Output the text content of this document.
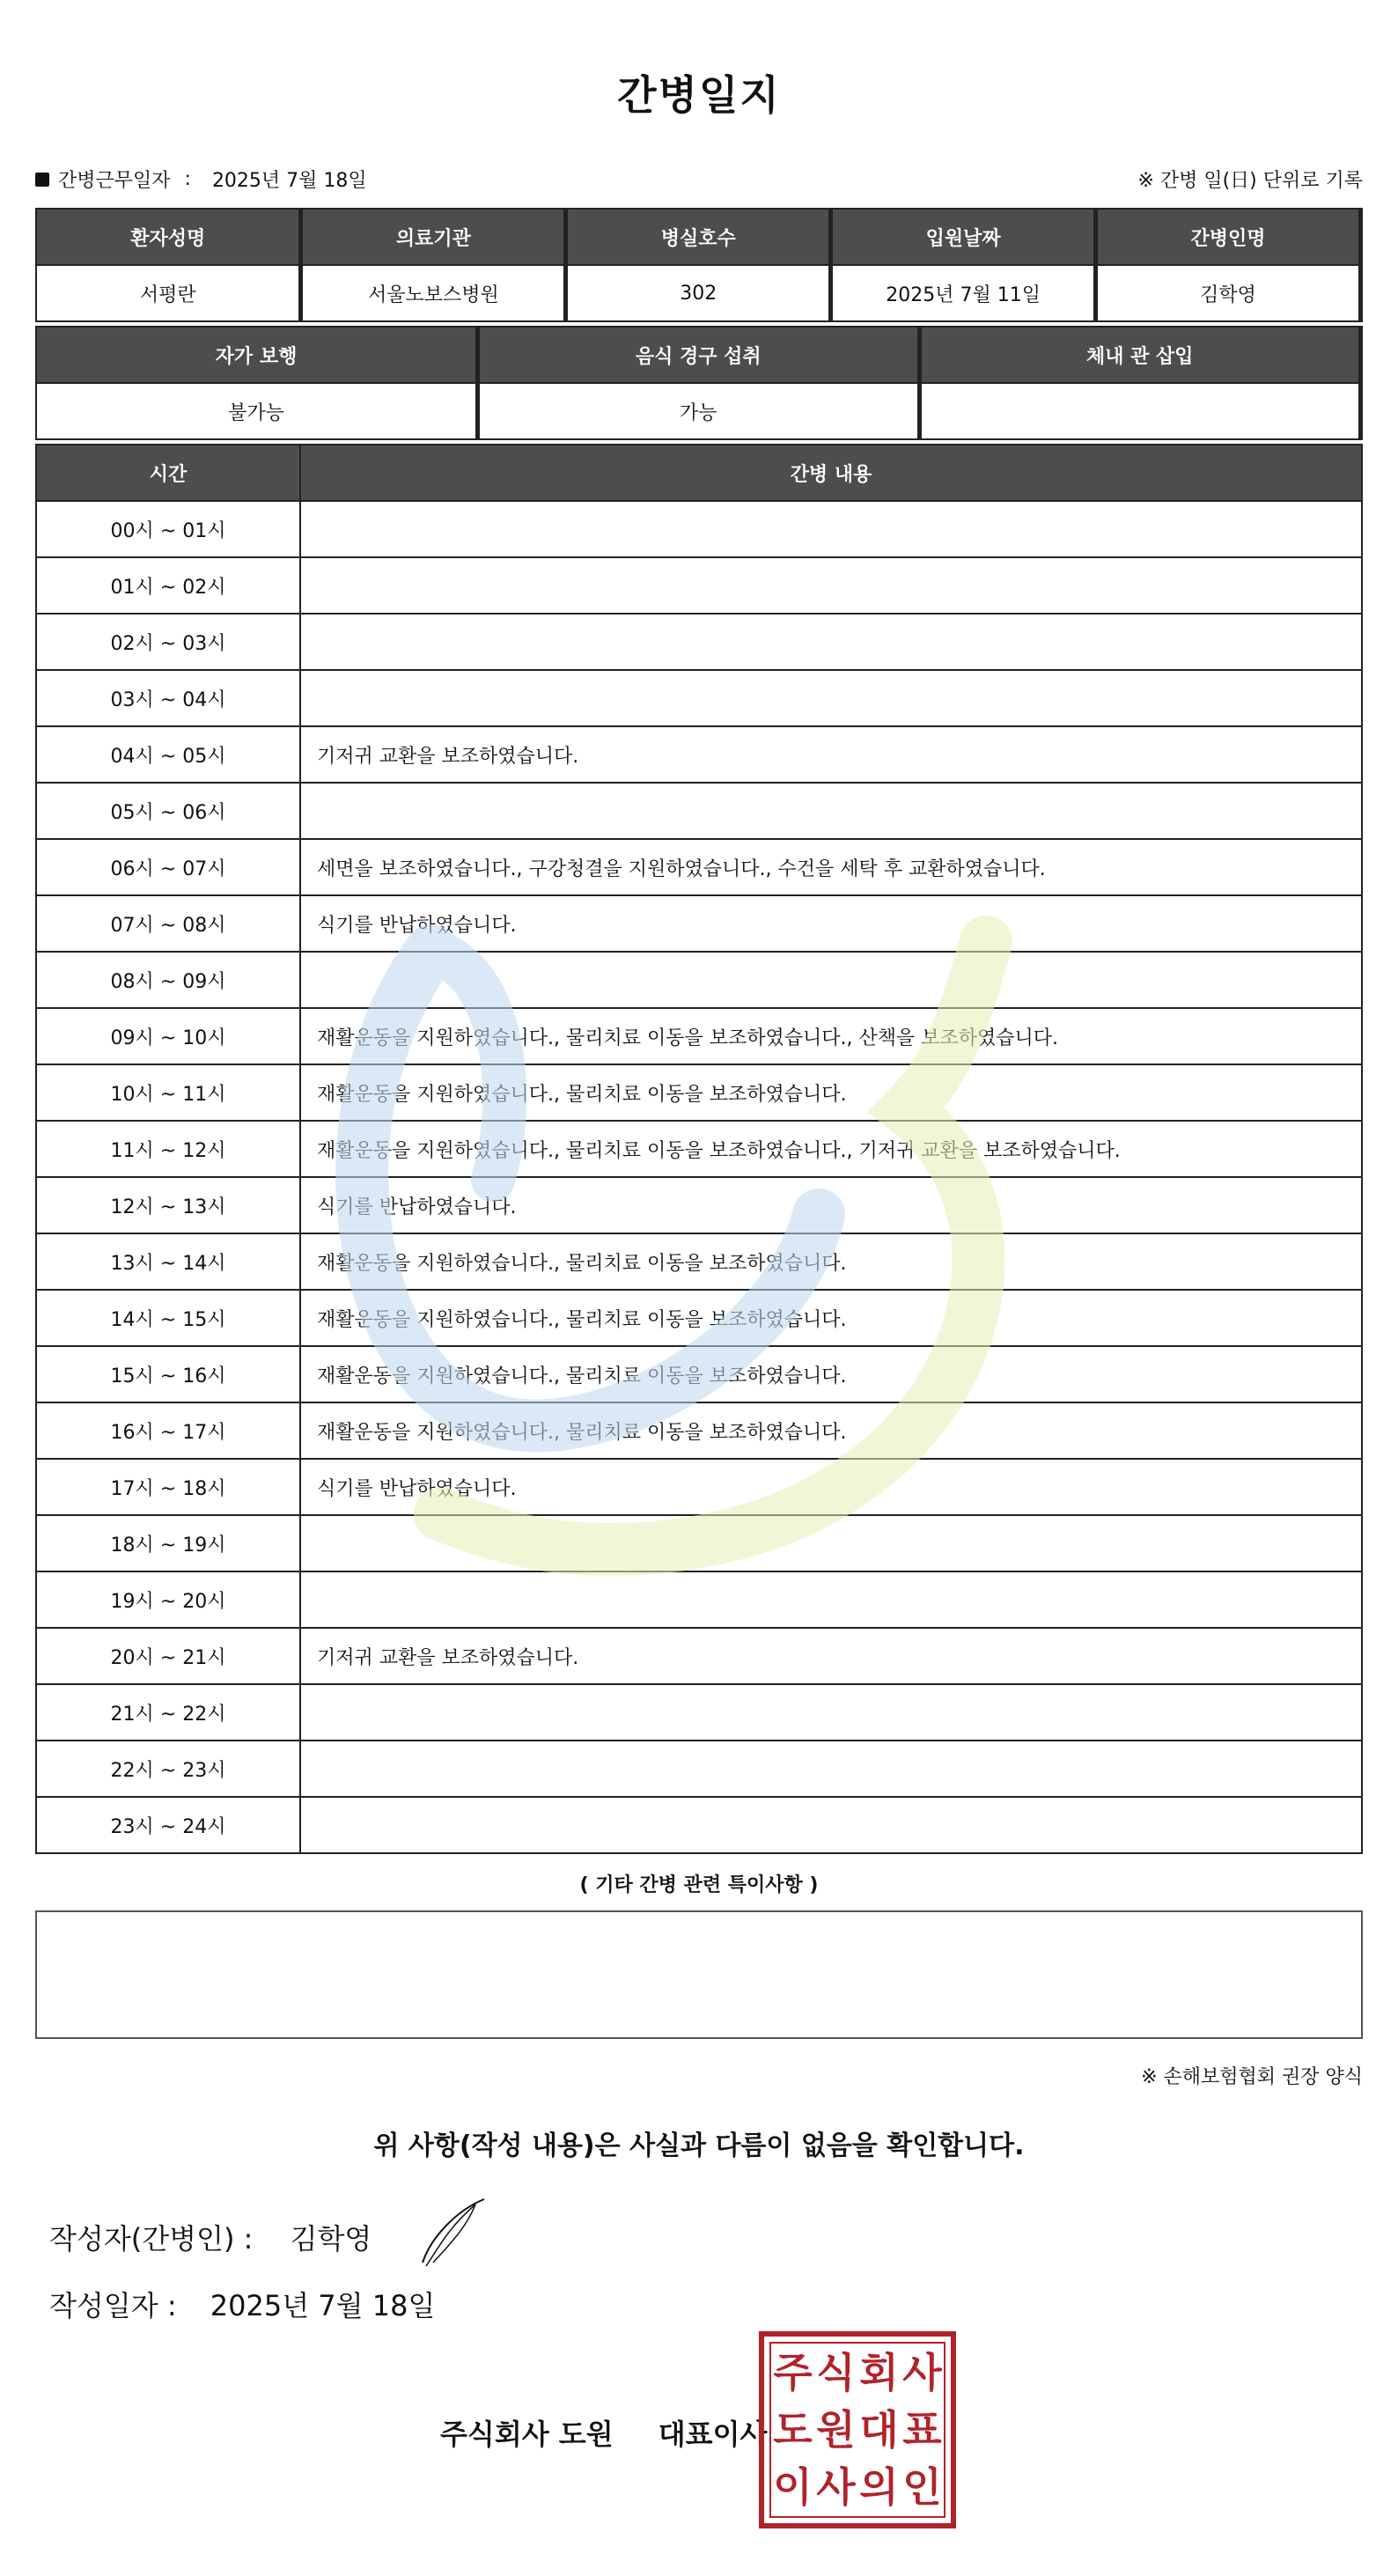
간병일지
간병근무일자 : 2025년 7월 18일	※ 간병 일(日) 단위로 기록
환자성명	의료기관	병실호수	입원날짜	간병인명
서평란	서울노보스병원	302	2025년 7월 11일	김학영
자가 보행	음식 경구 섭취	체내 관 삽입
불가능	가능	
시간	간병 내용
00시 ~ 01시	
01시 ~ 02시	
02시 ~ 03시	
03시 ~ 04시	
04시 ~ 05시	기저귀 교환을 보조하였습니다.
05시 ~ 06시	
06시 ~ 07시	세면을 보조하였습니다., 구강청결을 지원하였습니다., 수건을 세탁 후 교환하였습니다.
07시 ~ 08시	식기를 반납하였습니다.
08시 ~ 09시	
09시 ~ 10시	재활운동을 지원하였습니다., 물리치료 이동을 보조하였습니다., 산책을 보조하였습니다.
10시 ~ 11시	재활운동을 지원하였습니다., 물리치료 이동을 보조하였습니다.
11시 ~ 12시	재활운동을 지원하였습니다., 물리치료 이동을 보조하였습니다., 기저귀 교환을 보조하였습니다.
12시 ~ 13시	식기를 반납하였습니다.
13시 ~ 14시	재활운동을 지원하였습니다., 물리치료 이동을 보조하였습니다.
14시 ~ 15시	재활운동을 지원하였습니다., 물리치료 이동을 보조하였습니다.
15시 ~ 16시	재활운동을 지원하였습니다., 물리치료 이동을 보조하였습니다.
16시 ~ 17시	재활운동을 지원하였습니다., 물리치료 이동을 보조하였습니다.
17시 ~ 18시	식기를 반납하였습니다.
18시 ~ 19시	
19시 ~ 20시	
20시 ~ 21시	기저귀 교환을 보조하였습니다.
21시 ~ 22시	
22시 ~ 23시	
23시 ~ 24시	
( 기타 간병 관련 특이사항 )
※ 손해보험협회 권장 양식
위 사항(작성 내용)은 사실과 다름이 없음을 확인합니다.
작성자(간병인) : 김학영
작성일자 : 2025년 7월 18일
주식회사 도원 대표이사
주 식 회 사
도 원 대 표
이 사 의 인
